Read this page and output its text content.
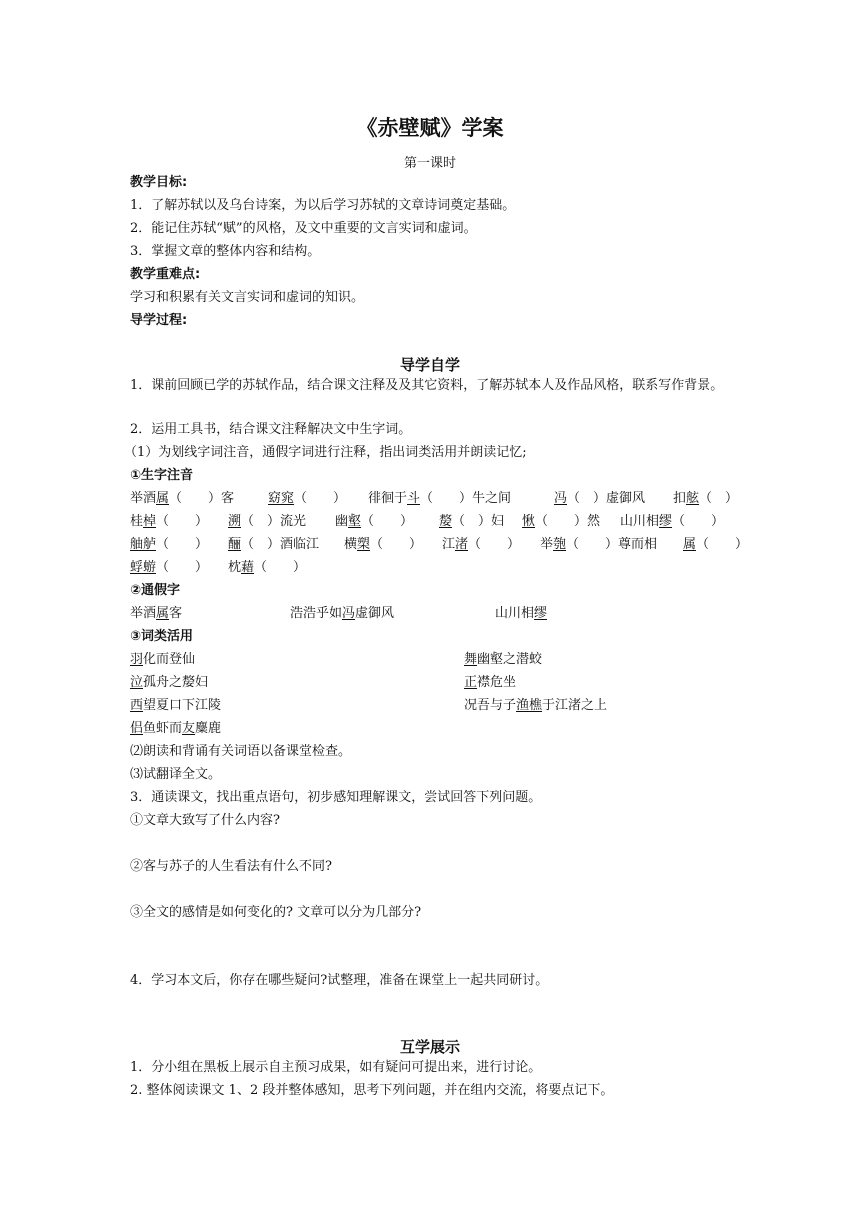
《赤壁赋》学案
第一课时
教学目标:
1．了解苏轼以及乌台诗案，为以后学习苏轼的文章诗词奠定基础。
2．能记住苏轼“赋”的风格，及文中重要的文言实词和虚词。
3．掌握文章的整体内容和结构。
教学重难点:
学习和积累有关文言实词和虚词的知识。
导学过程:
导学自学
1．课前回顾已学的苏轼作品，结合课文注释及及其它资料，了解苏轼本人及作品风格，联系写作背景。
2．运用工具书，结合课文注释解决文中生字词。
（1）为划线字词注音，通假字词进行注释，指出词类活用并朗读记忆;
①生字注音
举酒属（　　）客	窈窕（　　） 徘徊于斗（　　）牛之间	冯（　）虚御风 扣舷（　）
桂棹（　　） 溯（　）流光 幽壑（　　） 嫠（　）妇 愀（　　）然 山川相缪（　　）
舳舻（　　） 酾（　）酒临江 横槊（　　） 江渚（　　） 举匏（　　）尊而相 属（　　）
蜉蝣（　　） 枕藉（　　）
②通假字
举酒属客	浩浩乎如冯虚御风	山川相缪
③词类活用
羽化而登仙	舞幽壑之潜蛟
泣孤舟之嫠妇	正襟危坐
西望夏口下江陵	况吾与子渔樵于江渚之上
侣鱼虾而友麋鹿
⑵朗读和背诵有关词语以备课堂检查。
⑶试翻译全文。
3．通读课文，找出重点语句，初步感知理解课文，尝试回答下列问题。
①文章大致写了什么内容?
②客与苏子的人生看法有什么不同?
③全文的感情是如何变化的? 文章可以分为几部分?
4．学习本文后，你存在哪些疑问?试整理，准备在课堂上一起共同研讨。
互学展示
1．分小组在黑板上展示自主预习成果，如有疑问可提出来，进行讨论。
2. 整体阅读课文 1、2 段并整体感知，思考下列问题，并在组内交流，将要点记下。
